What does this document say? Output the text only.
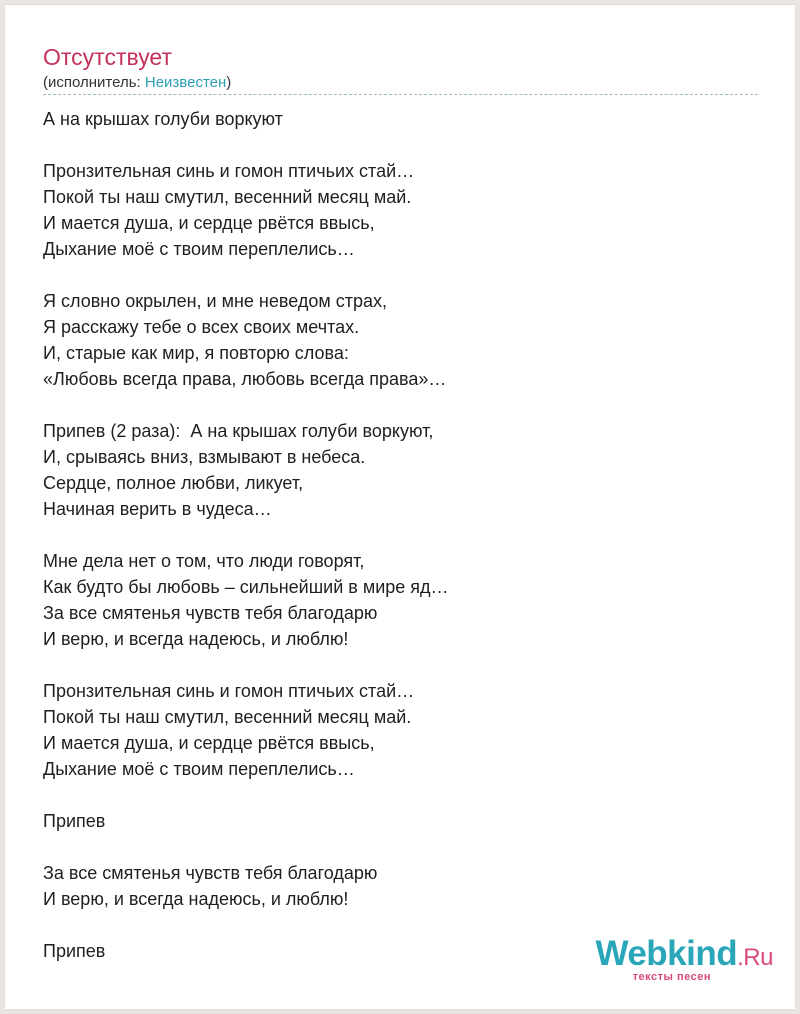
Отсутствует
(исполнитель: Неизвестен)
А на крышах голуби воркуют
Пронзительная синь и гомон птичьих стай…
Покой ты наш смутил, весенний месяц май.
И мается душа, и сердце рвётся ввысь,
Дыхание моё с твоим переплелись…
Я словно окрылен, и мне неведом страх,
Я расскажу тебе о всех своих мечтах.
И, старые как мир, я повторю слова:
«Любовь всегда права, любовь всегда права»…
Припев (2 раза):  А на крышах голуби воркуют,
И, срываясь вниз, взмывают в небеса.
Сердце, полное любви, ликует,
Начиная верить в чудеса…
Мне дела нет о том, что люди говорят,
Как будто бы любовь – сильнейший в мире яд…
За все смятенья чувств тебя благодарю
И верю, и всегда надеюсь, и люблю!
Пронзительная синь и гомон птичьих стай…
Покой ты наш смутил, весенний месяц май.
И мается душа, и сердце рвётся ввысь,
Дыхание моё с твоим переплелись…
Припев
За все смятенья чувств тебя благодарю
И верю, и всегда надеюсь, и люблю!
Припев	Webkind.Ru
тексты песен
